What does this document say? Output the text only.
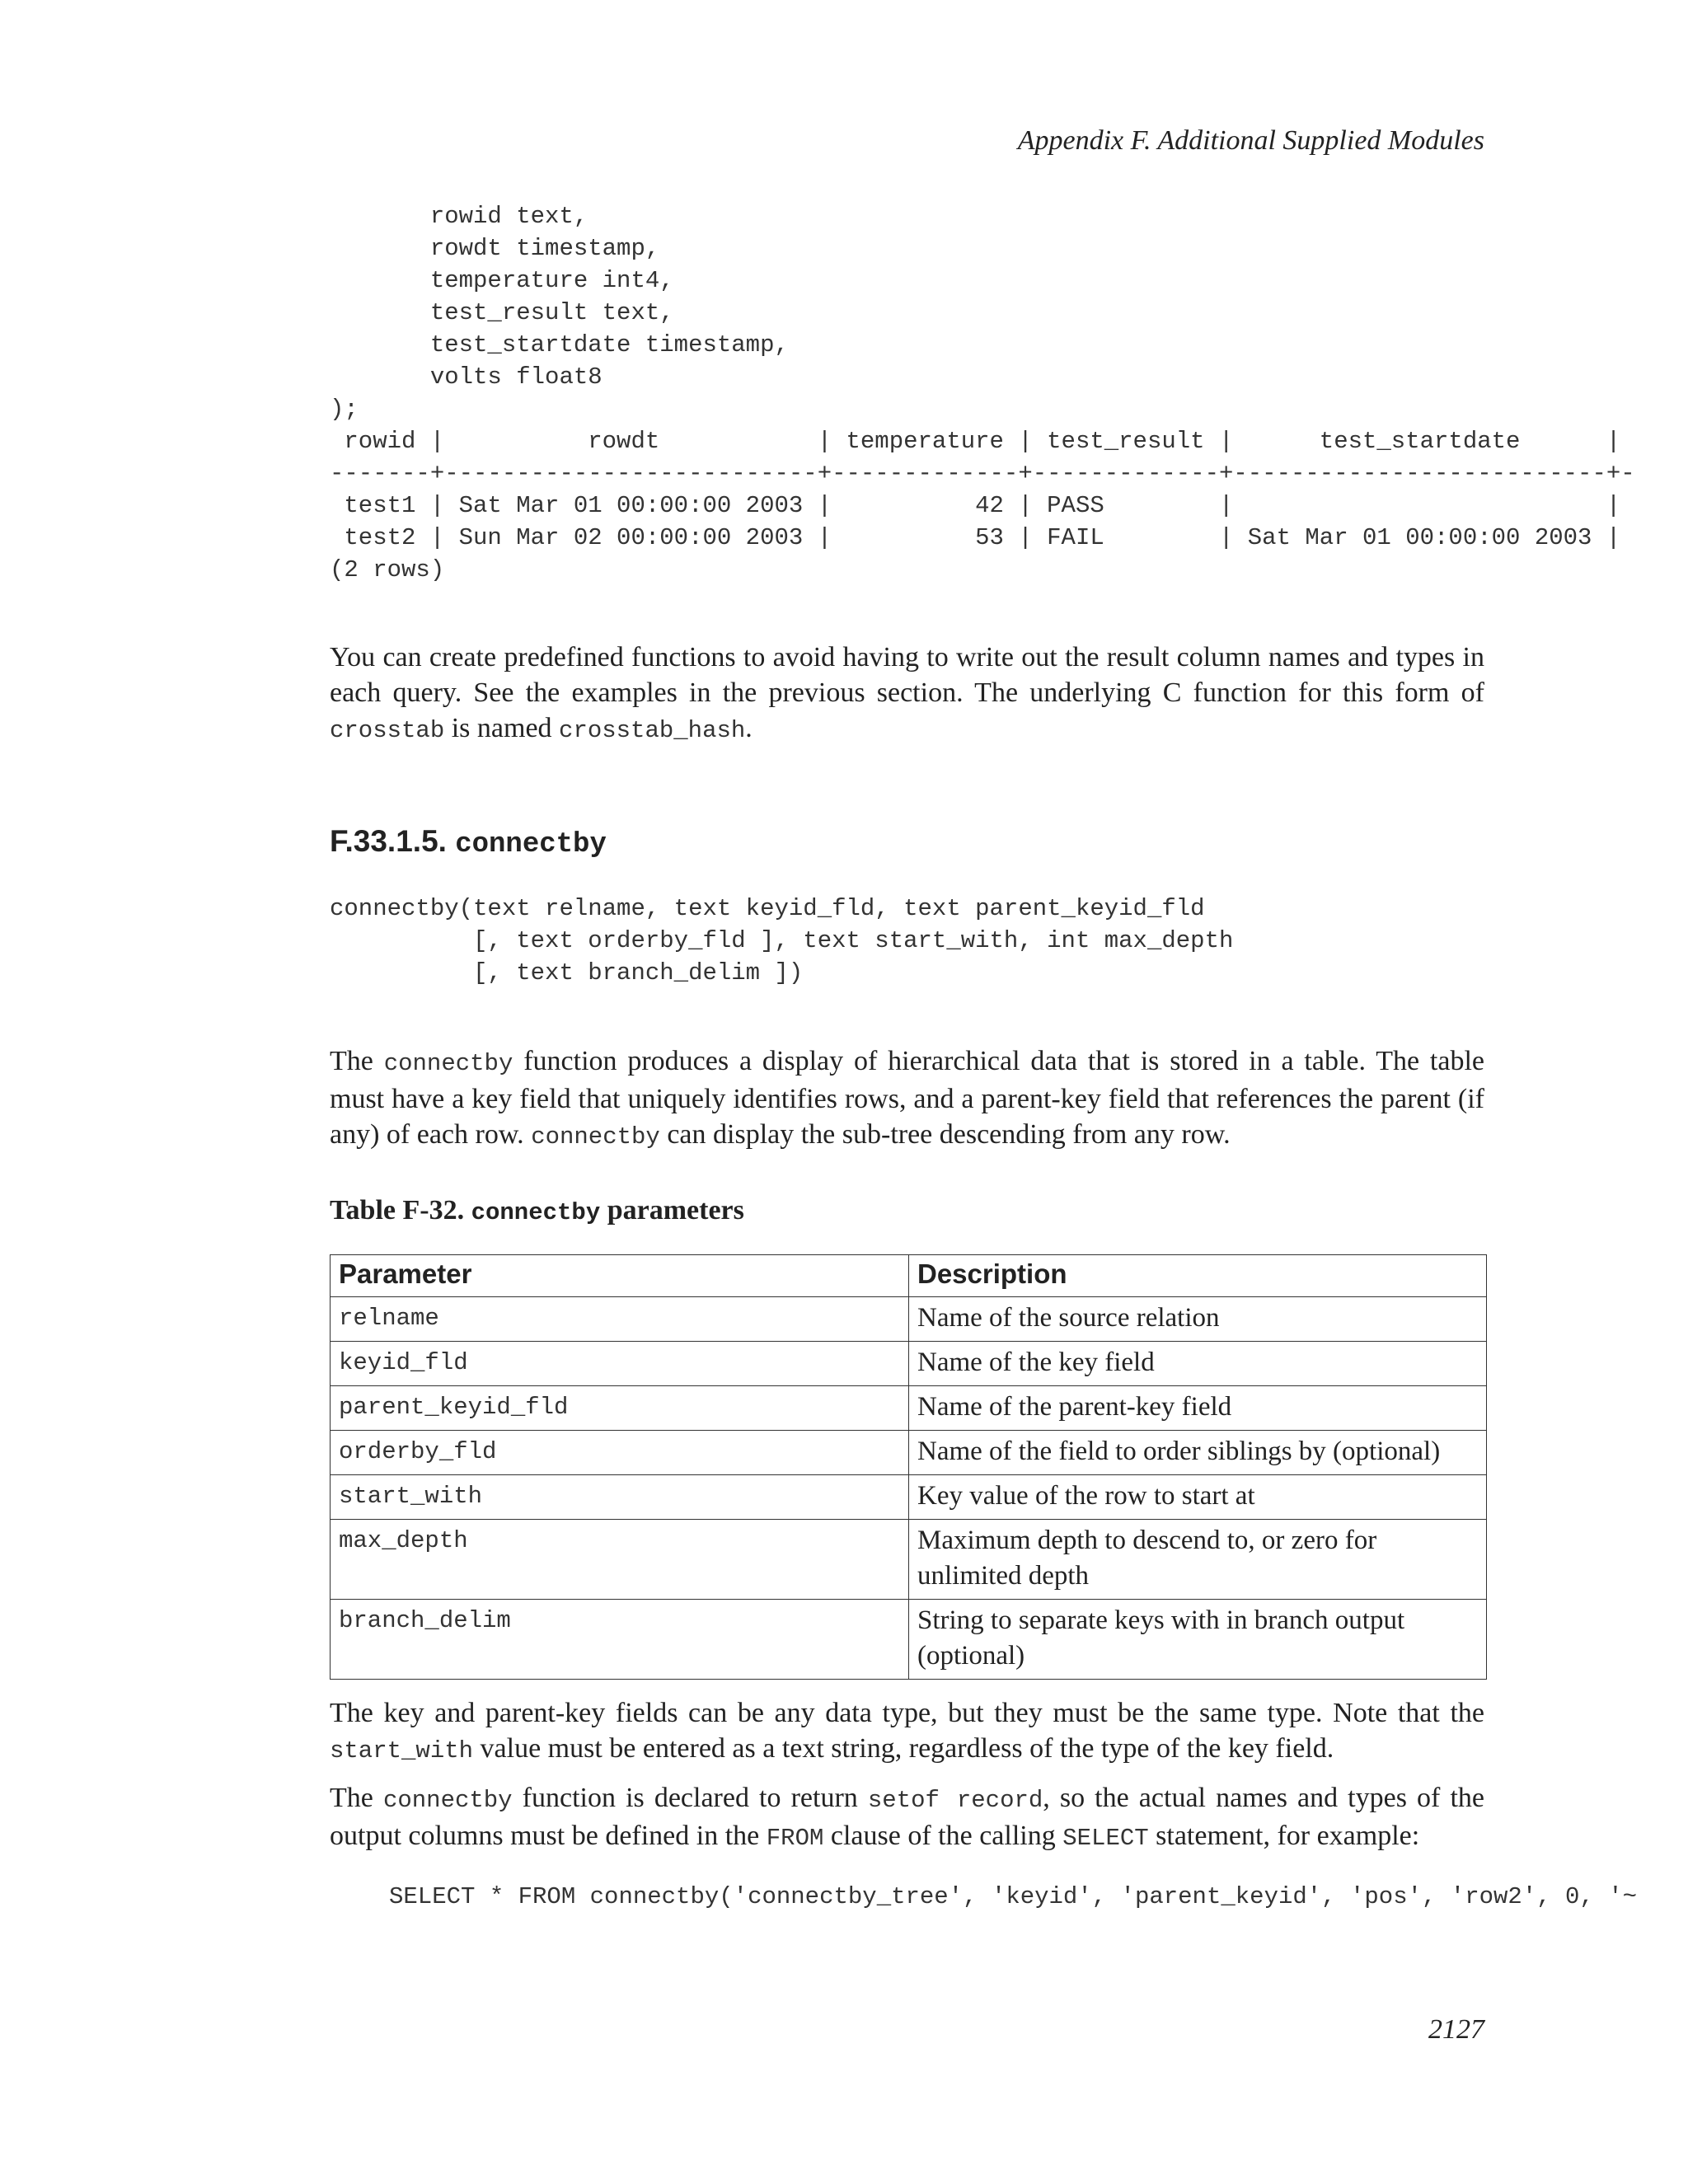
Appendix F. Additional Supplied Modules
rowid text,
rowdt timestamp,
temperature int4,
test_result text,
test_startdate timestamp,
volts float8
);
rowid |          rowdt           | temperature | test_result |      test_startdate      |
-------+--------------------------+-------------+-------------+--------------------------+-
test1 | Sat Mar 01 00:00:00 2003 |          42 | PASS        |                          |
test2 | Sun Mar 02 00:00:00 2003 |          53 | FAIL        | Sat Mar 01 00:00:00 2003 |
(2 rows)

You can create predefined functions to avoid having to write out the result column names and types in each query. See the examples in the previous section. The underlying C function for this form of crosstab is named crosstab_hash.

F.33.1.5. connectby
connectby(text relname, text keyid_fld, text parent_keyid_fld
[, text orderby_fld ], text start_with, int max_depth
[, text branch_delim ])

The connectby function produces a display of hierarchical data that is stored in a table. The table must have a key field that uniquely identifies rows, and a parent-key field that references the parent (if any) of each row. connectby can display the sub-tree descending from any row.

Table F-32. connectby parameters

Parameter	Description
relname	Name of the source relation
keyid_fld	Name of the key field
parent_keyid_fld	Name of the parent-key field
orderby_fld	Name of the field to order siblings by (optional)
start_with	Key value of the row to start at
max_depth	Maximum depth to descend to, or zero for unlimited depth
branch_delim	String to separate keys with in branch output (optional)

The key and parent-key fields can be any data type, but they must be the same type. Note that the start_with value must be entered as a text string, regardless of the type of the key field.

The connectby function is declared to return setof record, so the actual names and types of the output columns must be defined in the FROM clause of the calling SELECT statement, for example:

SELECT * FROM connectby('connectby_tree', 'keyid', 'parent_keyid', 'pos', 'row2', 0, '~
2127
